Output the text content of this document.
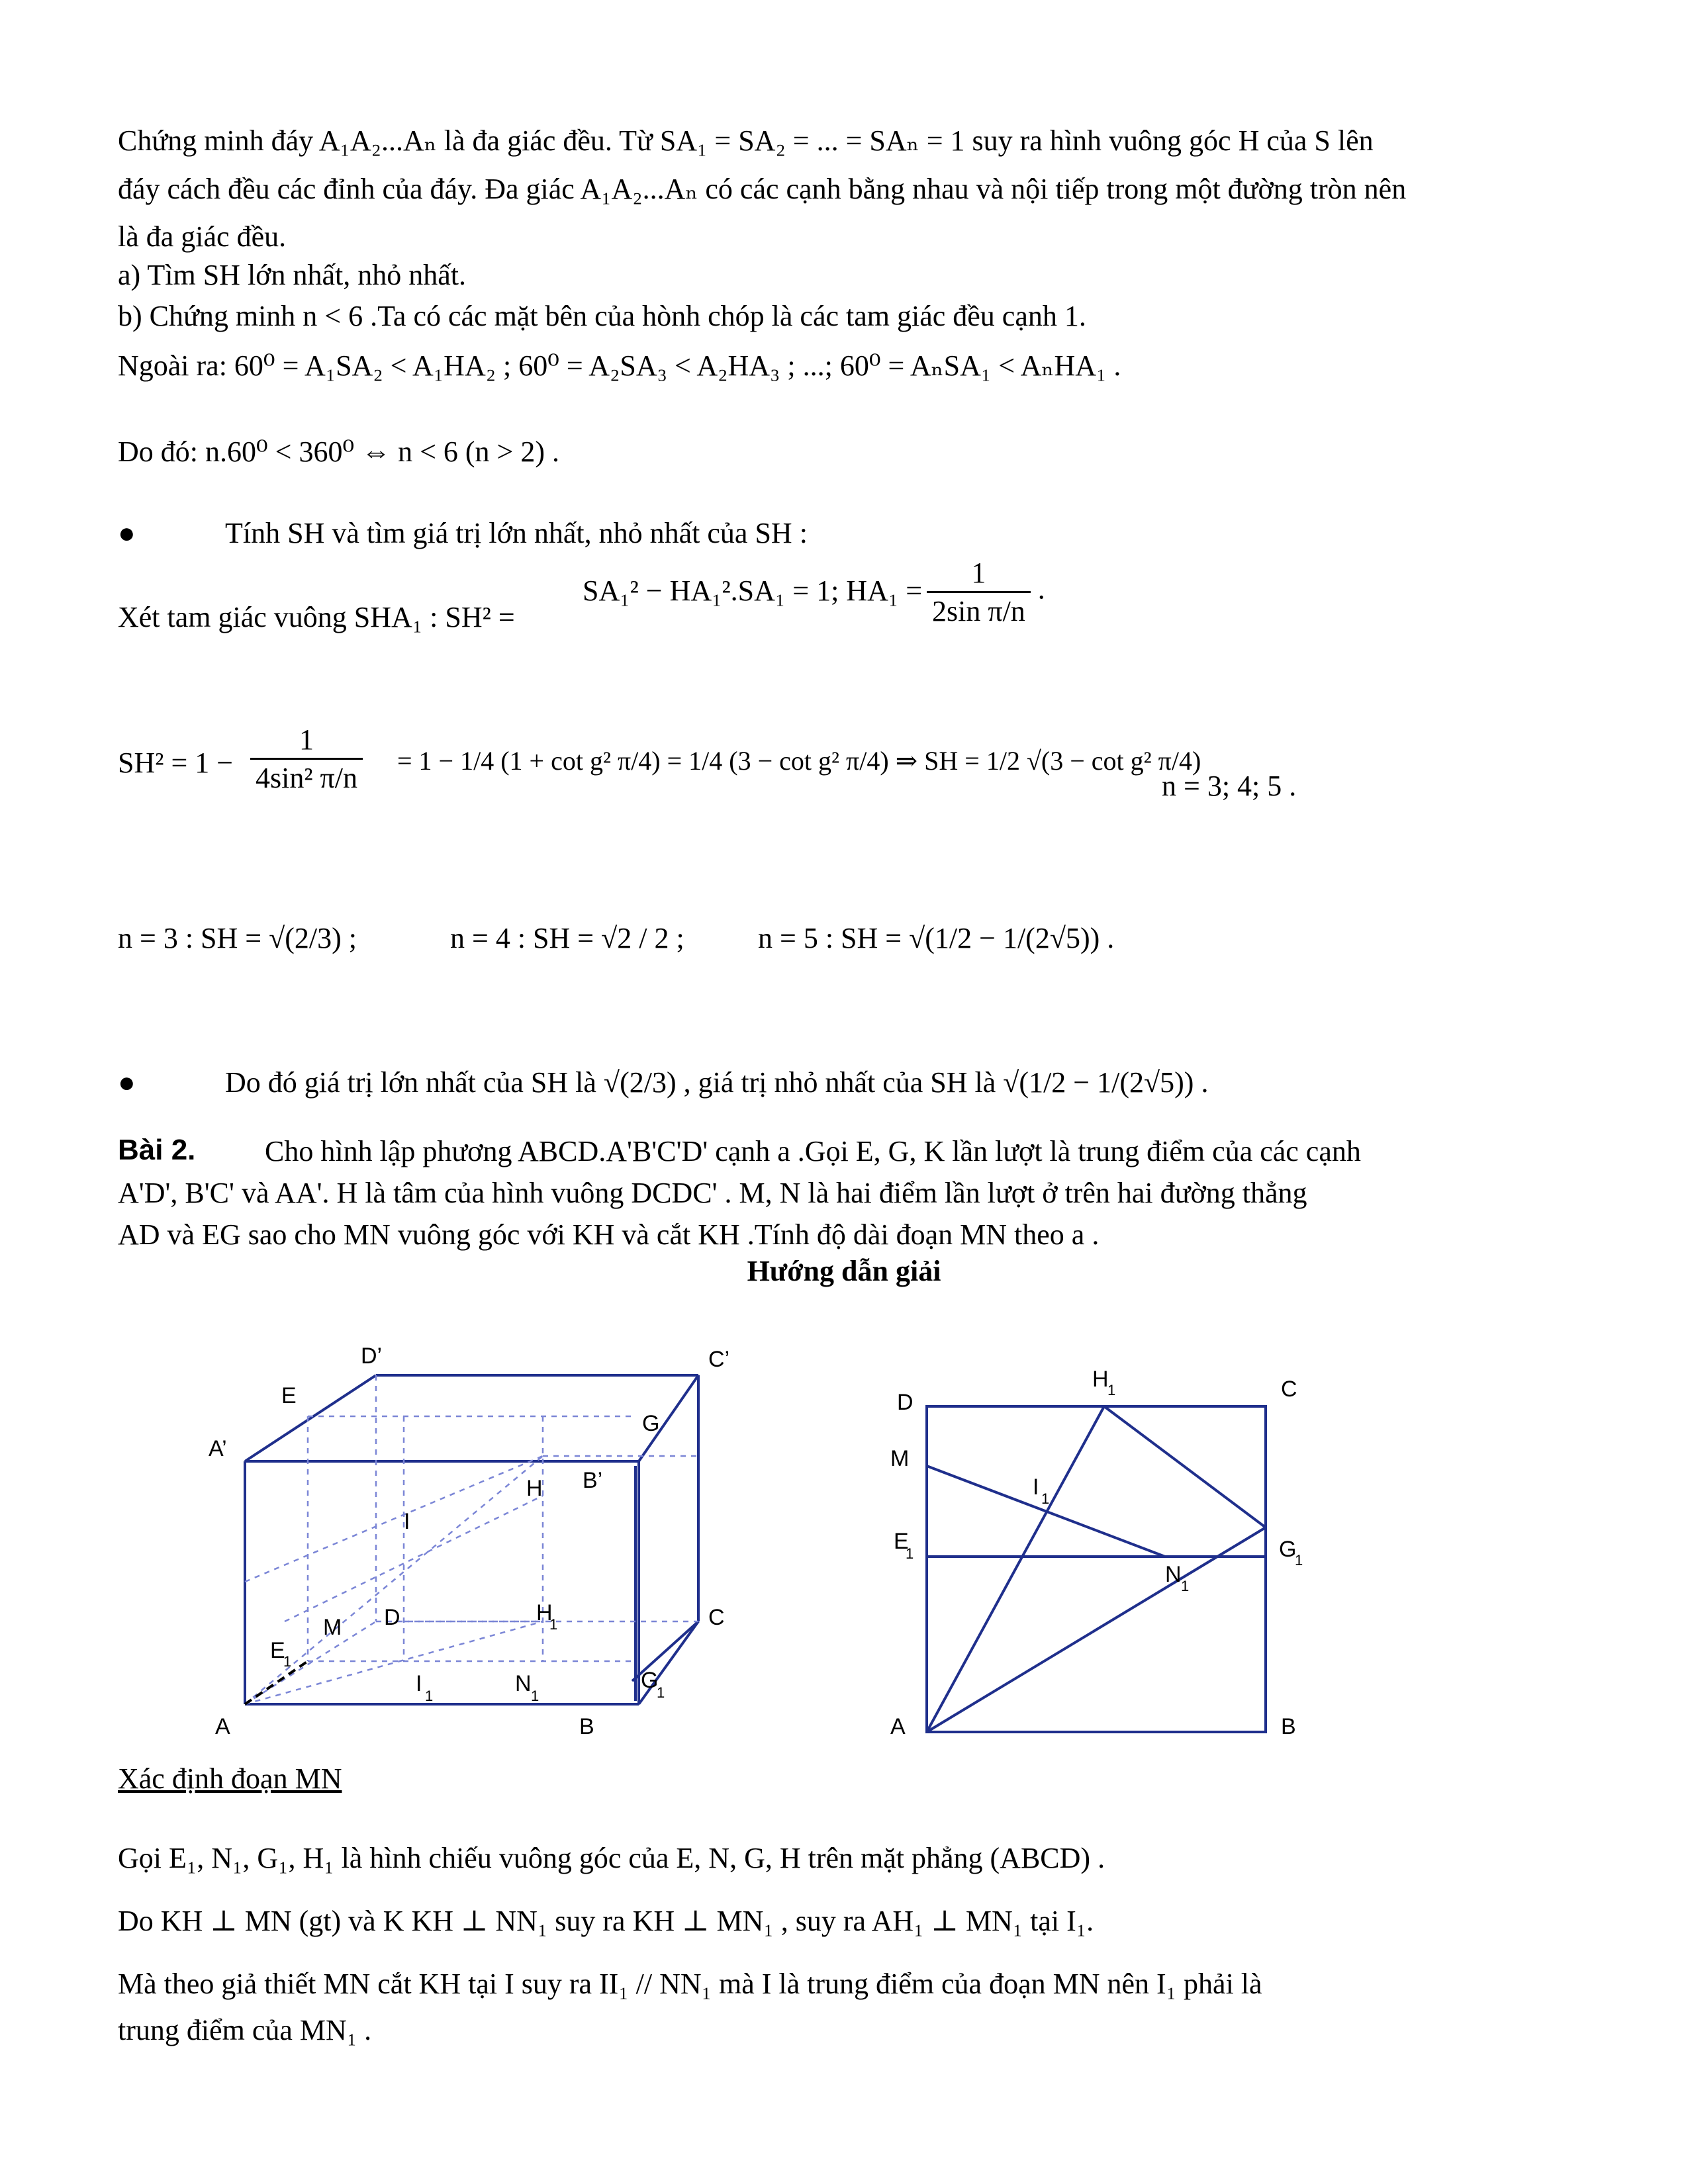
Chứng minh đáy A₁A₂...Aₙ là đa giác đều. Từ SA₁ = SA₂ = ... = SAₙ = 1 suy ra hình vuông góc H của S lên
đáy cách đều các đỉnh của đáy. Đa giác A₁A₂...Aₙ có các cạnh bằng nhau và nội tiếp trong một đường tròn nên
là đa giác đều.
a) Tìm SH lớn nhất, nhỏ nhất.
b) Chứng minh n < 6 .Ta có các mặt bên của hònh chóp là các tam giác đều cạnh 1.
Ngoài ra: 60⁰ = A₁SA₂ < A₁HA₂ ; 60⁰ = A₂SA₃ < A₂HA₃ ; ...; 60⁰ = AₙSA₁ < AₙHA₁ .
Do đó: n.60⁰ < 360⁰ ⇔ n < 6 (n > 2) .
●	Tính SH và tìm giá trị lớn nhất, nhỏ nhất của SH :
Xét tam giác vuông SHA₁ : SH² =
SA₁² − HA₁².SA₁ = 1; $HA_1 = \frac{1}{\text{2sin π/n}}$ .
$SH^2 = 1 - \frac{1}{\text{4sin² π/n}} = 1 - 1/4$ (1 + cot g² π/4) = 1/4 (3 − cot g² π/4) ⇒ SH = 1/2 √(3 − cot g² π/4)
n = 3; 4; 5 .
n = 3 : SH = √(2/3) ;	n = 4 : SH = √2 / 2 ;	n = 5 : SH = √(1/2 − 1/(2√5)) .
●	Do đó giá trị lớn nhất của SH là √(2/3) , giá trị nhỏ nhất của SH là √(1/2 − 1/(2√5)) .
Bài 2. Cho hình lập phương ABCD.A'B'C'D' cạnh a .Gọi E, G, K lần lượt là trung điểm của các cạnh
A'D', B'C' và AA'. H là tâm của hình vuông DCDC' . M, N là hai điểm lần lượt ở trên hai đường thẳng
AD và EG sao cho MN vuông góc với KH và cắt KH .Tính độ dài đoạn MN theo a .
Hướng dẫn giải
D’	C’
E
G
A’
B’
H
I
M D	H
1	C
E
1
I 1	N 1
G
1
A	B
D
H
1	C
M
I 1
E
1	G
1
N 1
A	B
Xác định đoạn MN
Gọi E₁, N₁, G₁, H₁ là hình chiếu vuông góc của E, N, G, H trên mặt phẳng (ABCD) .
Do KH ⊥ MN (gt) và K KH ⊥ NN₁ suy ra KH ⊥ MN₁ , suy ra AH₁ ⊥ MN₁ tại I₁.
Mà theo giả thiết MN cắt KH tại I suy ra II₁ // NN₁ mà I là trung điểm của đoạn MN nên I₁ phải là
trung điểm của MN₁ .
